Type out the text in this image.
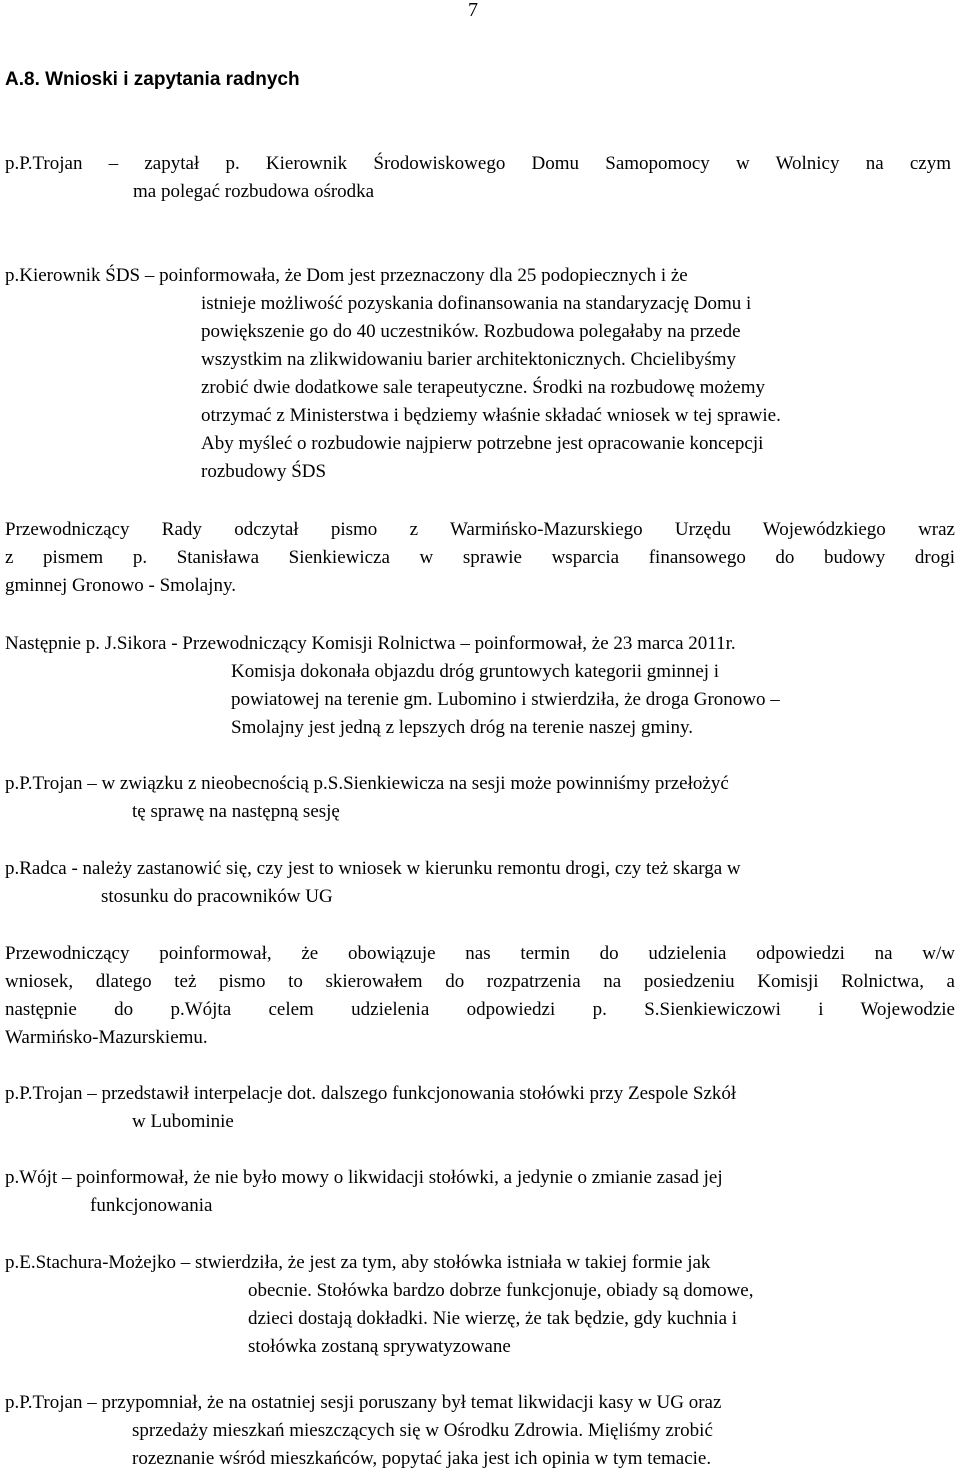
7
A.8. Wnioski i zapytania radnych
p.P.Trojan – zapytał p. Kierownik Środowiskowego Domu Samopomocy w Wolnicy na czym
ma polegać rozbudowa ośrodka
p.Kierownik ŚDS – poinformowała, że Dom jest przeznaczony dla 25 podopiecznych i że
istnieje możliwość pozyskania dofinansowania na standaryzację Domu i
powiększenie go do 40 uczestników. Rozbudowa polegałaby na przede
wszystkim na zlikwidowaniu barier architektonicznych. Chcielibyśmy
zrobić dwie dodatkowe sale terapeutyczne. Środki na rozbudowę możemy
otrzymać z Ministerstwa i będziemy właśnie składać wniosek w tej sprawie.
Aby myśleć o rozbudowie najpierw potrzebne jest opracowanie koncepcji
rozbudowy ŚDS
Przewodniczący Rady odczytał pismo z Warmińsko-Mazurskiego Urzędu Wojewódzkiego wraz
z pismem p. Stanisława Sienkiewicza w sprawie wsparcia finansowego do budowy drogi
gminnej Gronowo - Smolajny.
Następnie p. J.Sikora - Przewodniczący Komisji Rolnictwa – poinformował, że 23 marca 2011r.
Komisja dokonała objazdu dróg gruntowych kategorii gminnej i
powiatowej na terenie gm. Lubomino i stwierdziła, że droga Gronowo –
Smolajny jest jedną z lepszych dróg na terenie naszej gminy.
p.P.Trojan – w związku z nieobecnością p.S.Sienkiewicza na sesji może powinniśmy przełożyć
tę sprawę na następną sesję
p.Radca - należy zastanowić się, czy jest to wniosek w kierunku remontu drogi, czy też skarga w
stosunku do pracowników UG
Przewodniczący poinformował, że obowiązuje nas termin do udzielenia odpowiedzi na w/w
wniosek, dlatego też pismo to skierowałem do rozpatrzenia na posiedzeniu Komisji Rolnictwa, a
następnie do p.Wójta celem udzielenia odpowiedzi p. S.Sienkiewiczowi i Wojewodzie
Warmińsko-Mazurskiemu.
p.P.Trojan – przedstawił interpelacje dot. dalszego funkcjonowania stołówki przy Zespole Szkół
w Lubominie
p.Wójt – poinformował, że nie było mowy o likwidacji stołówki, a jedynie o zmianie zasad jej
funkcjonowania
p.E.Stachura-Możejko – stwierdziła, że jest za tym, aby stołówka istniała w takiej formie jak
obecnie. Stołówka bardzo dobrze funkcjonuje, obiady są domowe,
dzieci dostają dokładki. Nie wierzę, że tak będzie, gdy kuchnia i
stołówka zostaną sprywatyzowane
p.P.Trojan – przypomniał, że na ostatniej sesji poruszany był temat likwidacji kasy w UG oraz
sprzedaży mieszkań mieszczących się w Ośrodku Zdrowia. Mięliśmy zrobić
rozeznanie wśród mieszkańców, popytać jaka jest ich opinia w tym temacie.
